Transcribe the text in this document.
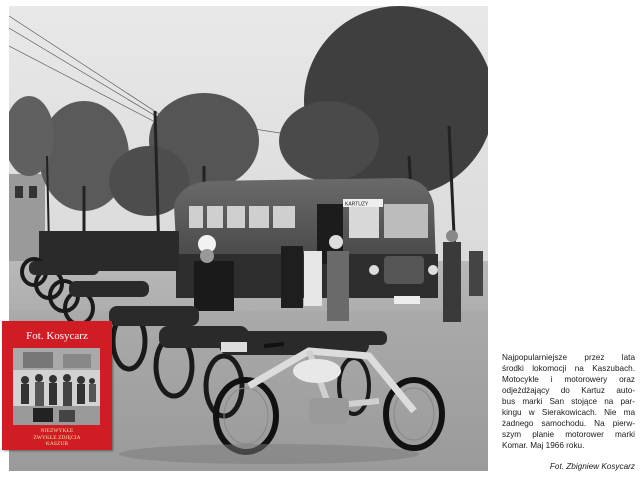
KARTUZY
Fot. Kosycarz
NIEZWYKŁE
ZWYKŁE ZDJĘCIA
KASZUB
Najpopularniejsze przez lata
środki lokomocji na Kaszubach.
Motocykle i motorowery oraz
odjeżdżający do Kartuz auto-
bus marki San stojące na par-
kingu w Sierakowicach. Nie ma
żadnego samochodu. Na pierw-
szym planie motorower marki
Komar. Maj 1966 roku.
Fot. Zbigniew Kosycarz
